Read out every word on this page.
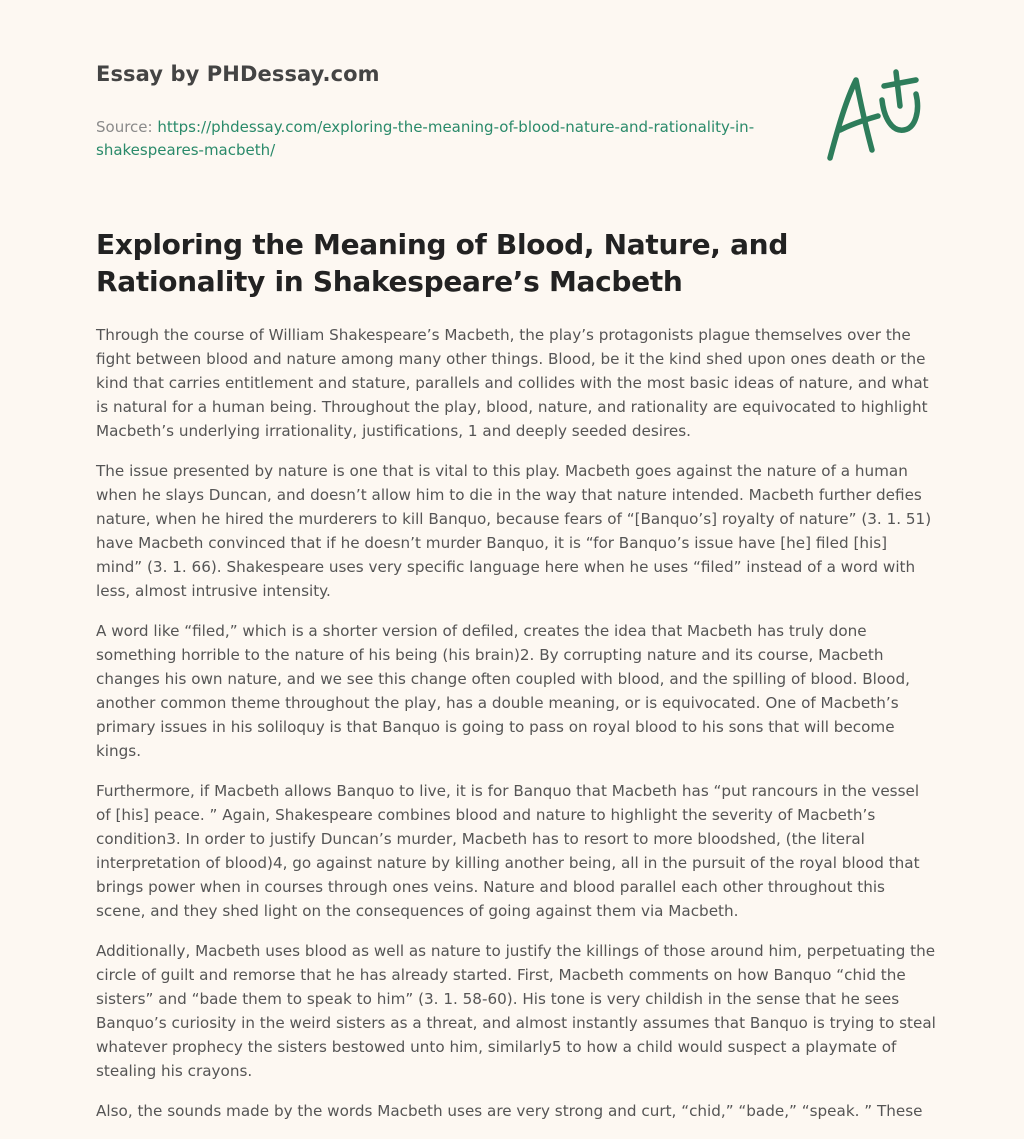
Essay by PHDessay.com
Source: https://phdessay.com/exploring-the-meaning-of-blood-nature-and-rationality-in-shakespeares-macbeth/
Exploring the Meaning of Blood, Nature, and Rationality in Shakespeare’s Macbeth

Through the course of William Shakespeare’s Macbeth, the play’s protagonists plague themselves over the fight between blood and nature among many other things. Blood, be it the kind shed upon ones death or the kind that carries entitlement and stature, parallels and collides with the most basic ideas of nature, and what is natural for a human being. Throughout the play, blood, nature, and rationality are equivocated to highlight Macbeth’s underlying irrationality, justifications, 1 and deeply seeded desires.

The issue presented by nature is one that is vital to this play. Macbeth goes against the nature of a human when he slays Duncan, and doesn’t allow him to die in the way that nature intended. Macbeth further defies nature, when he hired the murderers to kill Banquo, because fears of “[Banquo’s] royalty of nature” (3. 1. 51) have Macbeth convinced that if he doesn’t murder Banquo, it is “for Banquo’s issue have [he] filed [his] mind” (3. 1. 66). Shakespeare uses very specific language here when he uses “filed” instead of a word with less, almost intrusive intensity.

A word like “filed,” which is a shorter version of defiled, creates the idea that Macbeth has truly done something horrible to the nature of his being (his brain)2. By corrupting nature and its course, Macbeth changes his own nature, and we see this change often coupled with blood, and the spilling of blood. Blood, another common theme throughout the play, has a double meaning, or is equivocated. One of Macbeth’s primary issues in his soliloquy is that Banquo is going to pass on royal blood to his sons that will become kings.

Furthermore, if Macbeth allows Banquo to live, it is for Banquo that Macbeth has “put rancours in the vessel of [his] peace. ” Again, Shakespeare combines blood and nature to highlight the severity of Macbeth’s condition3. In order to justify Duncan’s murder, Macbeth has to resort to more bloodshed, (the literal interpretation of blood)4, go against nature by killing another being, all in the pursuit of the royal blood that brings power when in courses through ones veins. Nature and blood parallel each other throughout this scene, and they shed light on the consequences of going against them via Macbeth.

Additionally, Macbeth uses blood as well as nature to justify the killings of those around him, perpetuating the circle of guilt and remorse that he has already started. First, Macbeth comments on how Banquo “chid the sisters” and “bade them to speak to him” (3. 1. 58-60). His tone is very childish in the sense that he sees Banquo’s curiosity in the weird sisters as a threat, and almost instantly assumes that Banquo is trying to steal whatever prophecy the sisters bestowed unto him, similarly5 to how a child would suspect a playmate of stealing his crayons.

Also, the sounds made by the words Macbeth uses are very strong and curt, “chid,” “bade,” “speak. ” These
